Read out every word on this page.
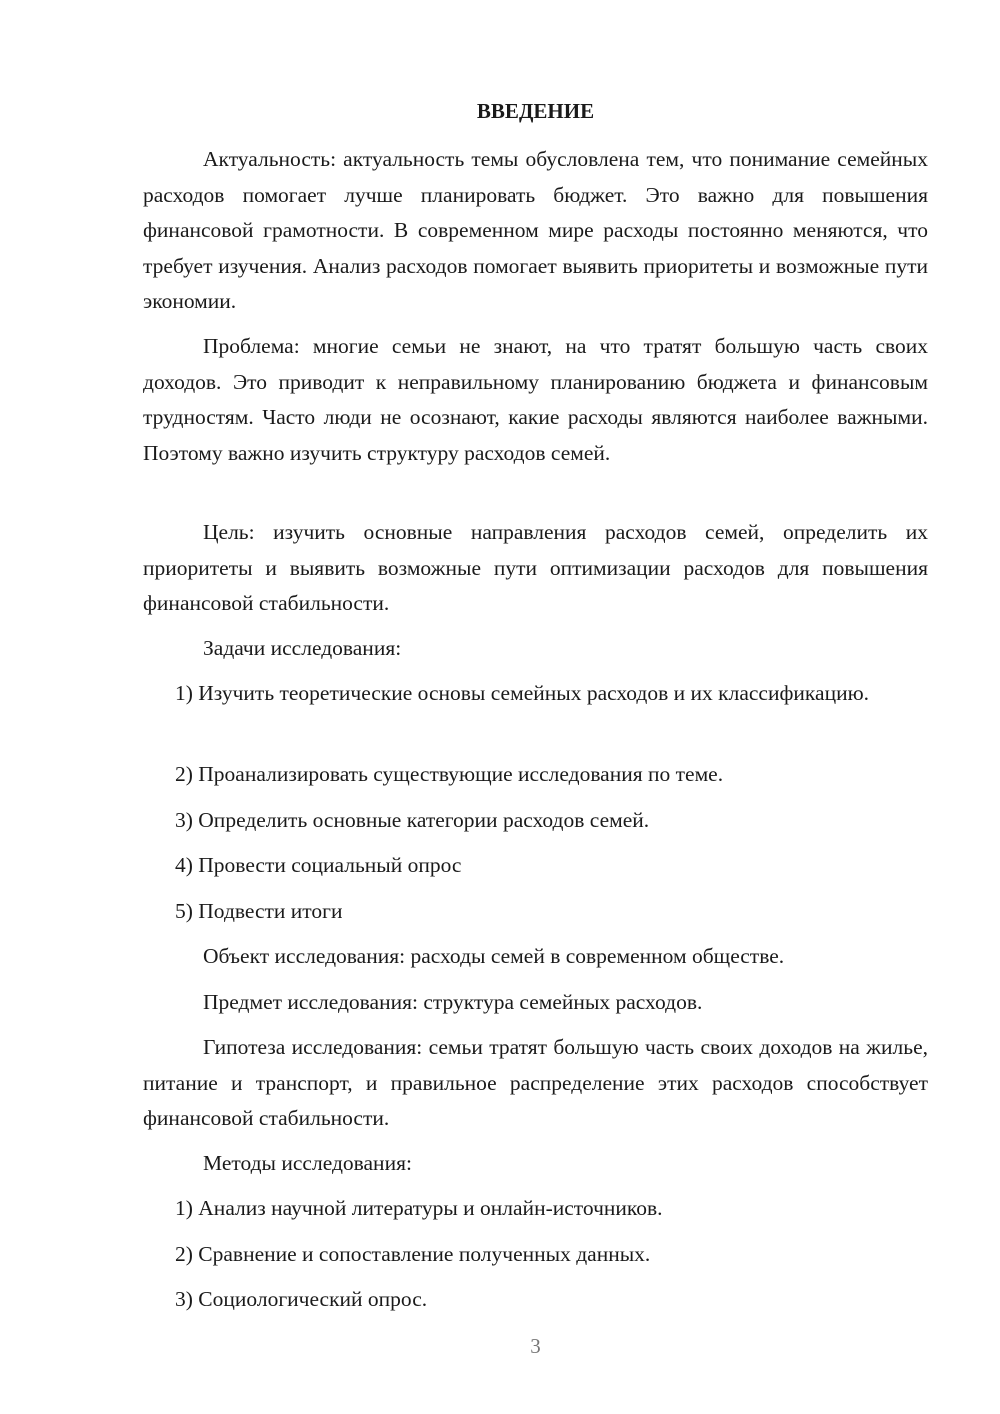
ВВЕДЕНИЕ

Актуальность: актуальность темы обусловлена тем, что понимание семейных расходов помогает лучше планировать бюджет. Это важно для повышения финансовой грамотности. В современном мире расходы постоянно меняются, что требует изучения. Анализ расходов помогает выявить приоритеты и возможные пути экономии.

Проблема: многие семьи не знают, на что тратят большую часть своих доходов. Это приводит к неправильному планированию бюджета и финансовым трудностям. Часто люди не осознают, какие расходы являются наиболее важными. Поэтому важно изучить структуру расходов семей.

Цель: изучить основные направления расходов семей, определить их приоритеты и выявить возможные пути оптимизации расходов для повышения финансовой стабильности.

Задачи исследования:

1) Изучить теоретические основы семейных расходов и их классификацию.

2) Проанализировать существующие исследования по теме.

3) Определить основные категории расходов семей.

4) Провести социальный опрос

5) Подвести итоги

Объект исследования: расходы семей в современном обществе.

Предмет исследования: структура семейных расходов.

Гипотеза исследования: семьи тратят большую часть своих доходов на жилье, питание и транспорт, и правильное распределение этих расходов способствует финансовой стабильности.

Методы исследования:

1) Анализ научной литературы и онлайн-источников.

2) Сравнение и сопоставление полученных данных.

3) Социологический опрос.

3
